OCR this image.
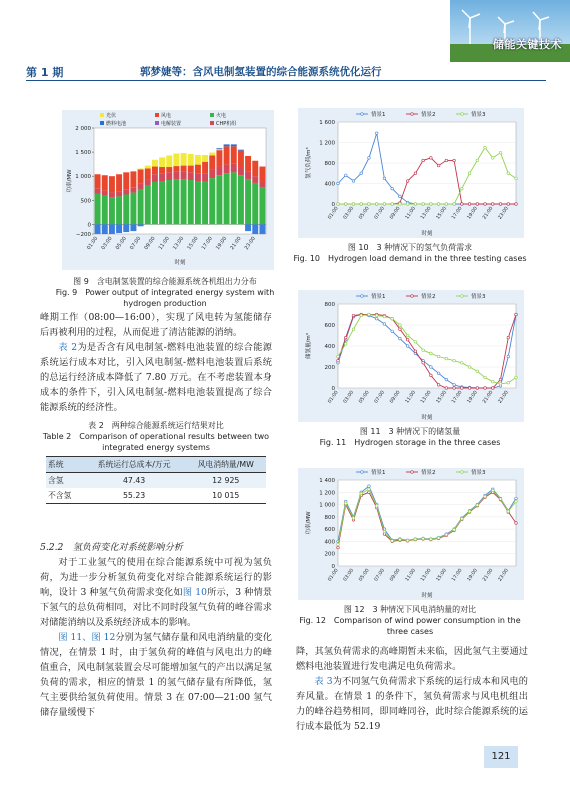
储能关键技术
第 1 期	郭梦婕等：含风电制氢装置的综合能源系统优化运行
2 000
1 500
1 000
500
0
−200
功率/MW
01:00 03:00 05:00 07:00 09:00 11:00 13:00 15:00 17:00 19:00 21:00 23:00
时刻
光伏	风电	火电
燃料电池	电解装置	CHP机组
图 9　含电制氢装置的综合能源系统各机组出力分布
Fig. 9　Power output of integrated energy system with hydrogen production

峰期工作（08:00—16:00），实现了风电转为氢能储存后再被利用的过程，从而促进了清洁能源的消纳。

表 2为是否含有风电制氢-燃料电池装置的综合能源系统运行成本对比，引入风电制氢-燃料电池装置后系统的总运行经济成本降低了 7.80 万元。在不考虑装置本身成本的条件下，引入风电制氢-燃料电池装置提高了综合能源系统的经济性。

表 2　两种综合能源系统运行结果对比
Table 2　Comparison of operational results between two integrated energy systems
系统	系统运行总成本/万元	风电消纳量/MW
含氢	47.43	12 925
不含氢	55.23	10 015

5.2.2　氢负荷变化对系统影响分析

对于工业氢气的使用在综合能源系统中可视为氢负荷，为进一步分析氢负荷变化对综合能源系统运行的影响，设计 3 种氢气负荷需求变化如图 10所示，3 种情景下氢气的总负荷相同，对比不同时段氢气负荷的峰谷需求对储能消纳以及系统经济成本的影响。

图 11、图 12分别为氢气储存量和风电消纳量的变化情况，在情景 1 时，由于氢负荷的峰值与风电出力的峰值重合，风电制氢装置会尽可能增加氢气的产出以满足氢负荷的需求，相应的情景 1 的氢气储存量有所降低，氢气主要供给氢负荷使用。情景 3 在 07:00—21:00 氢气储存量缓慢下

1 600
1 200
800
400
0
氢气负荷/m³
情景1	情景2	情景3
01:00 03:00 05:00 07:00 09:00 11:00 13:00 15:00 17:00 19:00 21:00 23:00
时刻
图 10　3 种情况下的氢气负荷需求
Fig. 10　Hydrogen load demand in the three testing cases
800
600
400
200
0
储氢量/m³
情景1	情景2	情景3
01:00 03:00 05:00 07:00 09:00 11:00 13:00 15:00 17:00 19:00 21:00 23:00
时刻
图 11　3 种情况下的储氢量
Fig. 11　Hydrogen storage in the three cases
1 400
1 200
1 000
800
600
400
200
0
功率/MW
情景1	情景2	情景3
01:00 03:00 05:00 07:00 09:00 11:00 13:00 15:00 17:00 19:00 21:00 23:00
时刻
图 12　3 种情况下风电消纳量的对比
Fig. 12　Comparison of wind power consumption in the three cases

降，其氢负荷需求的高峰期暂未来临，因此氢气主要通过燃料电池装置进行发电满足电负荷需求。

表 3为不同氢气负荷需求下系统的运行成本和风电的弃风量。在情景 1 的条件下，氢负荷需求与风电机组出力的峰谷趋势相同，即同峰同谷，此时综合能源系统的运行成本最低为 52.19

121
